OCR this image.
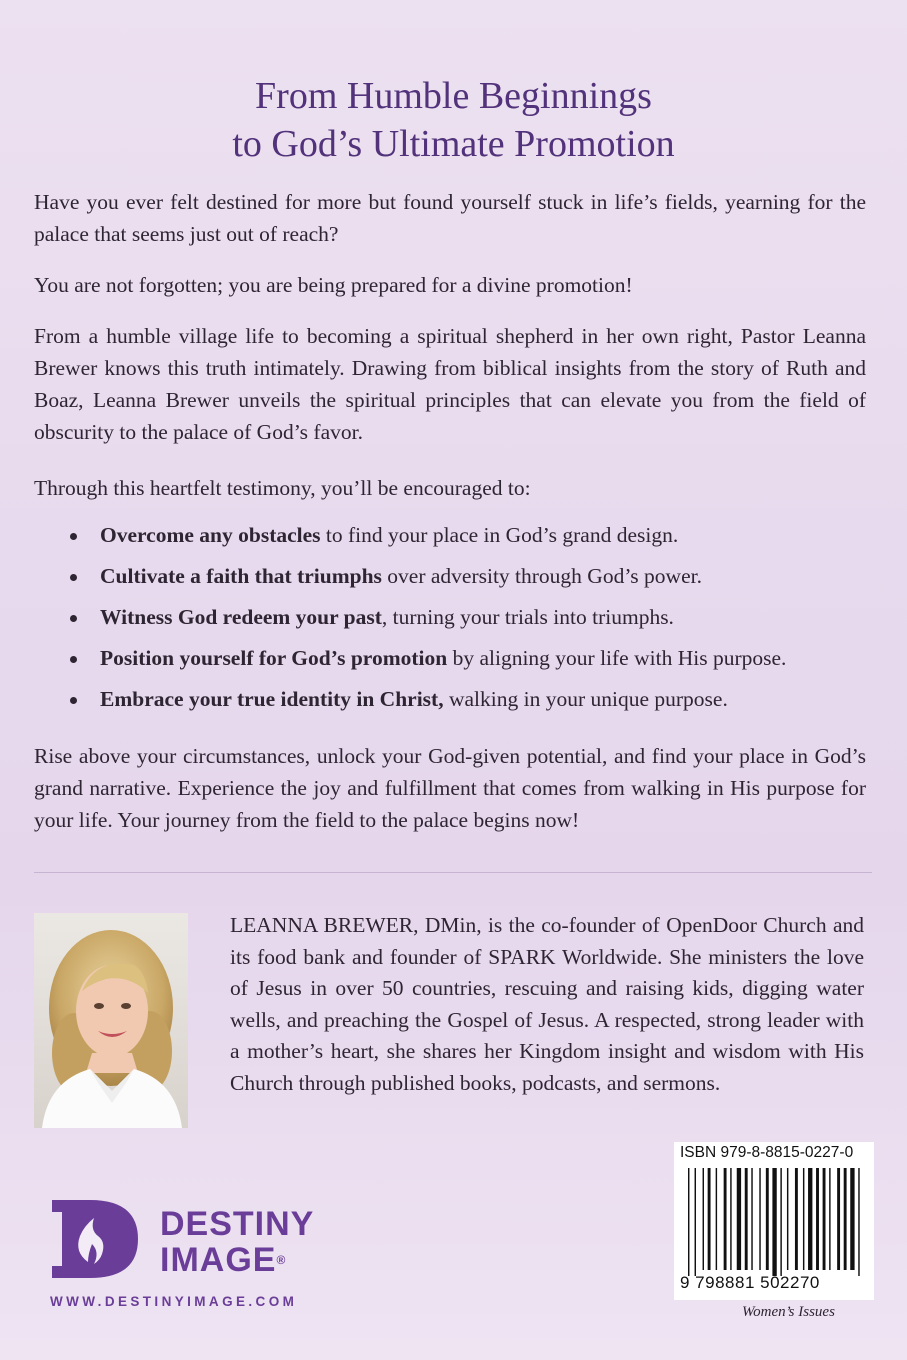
From Humble Beginnings
to God’s Ultimate Promotion

Have you ever felt destined for more but found yourself stuck in life’s fields, yearning for the palace that seems just out of reach?

You are not forgotten; you are being prepared for a divine promotion!

From a humble village life to becoming a spiritual shepherd in her own right, Pastor Leanna Brewer knows this truth intimately. Drawing from biblical insights from the story of Ruth and Boaz, Leanna Brewer unveils the spiritual principles that can elevate you from the field of obscurity to the palace of God’s favor.

Through this heartfelt testimony, you’ll be encouraged to:

Overcome any obstacles to find your place in God’s grand design.
Cultivate a faith that triumphs over adversity through God’s power.
Witness God redeem your past, turning your trials into triumphs.
Position yourself for God’s promotion by aligning your life with His purpose.
Embrace your true identity in Christ, walking in your unique purpose.

Rise above your circumstances, unlock your God-given potential, and find your place in God’s grand narrative. Experience the joy and fulfillment that comes from walking in His purpose for your life. Your journey from the field to the palace begins now!

LEANNA BREWER, DMin, is the co-founder of OpenDoor Church and its food bank and founder of SPARK Worldwide. She ministers the love of Jesus in over 50 countries, rescuing and raising kids, digging water wells, and preaching the Gospel of Jesus. A respected, strong leader with a mother’s heart, she shares her Kingdom insight and wisdom with His Church through published books, podcasts, and sermons.

DESTINY
IMAGE®
WWW.DESTINYIMAGE.COM
ISBN 979-8-8815-0227-0
9 798881 502270
Women’s Issues
